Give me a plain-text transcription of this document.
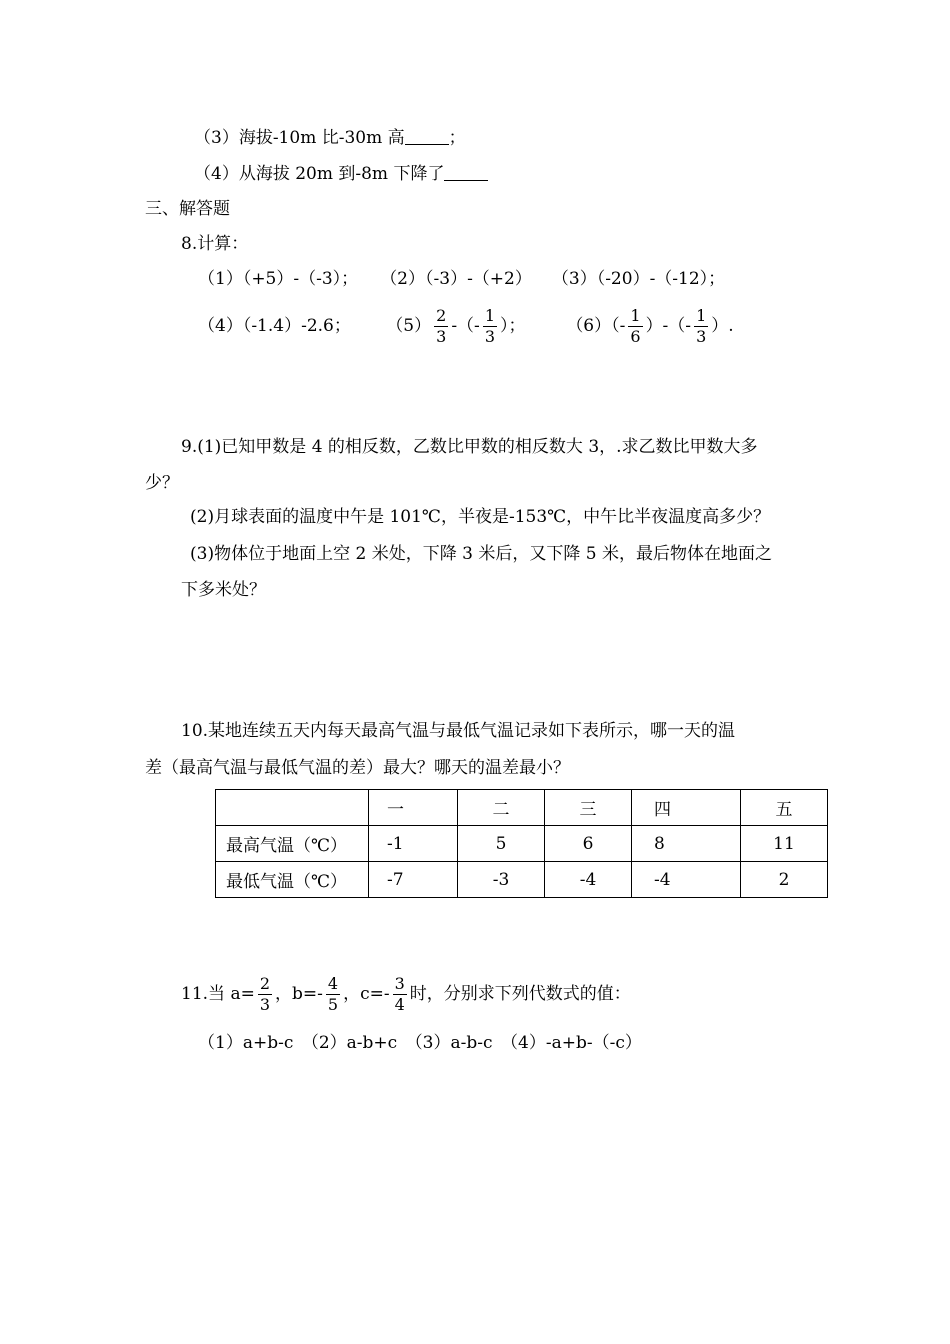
（3）海拔-10m 比-30m 高	；
（4）从海拔 20m 到-8m 下降了
三、解答题
8.计算：
（1）（+5）-（-3）； （2）（-3）-（+2） （3）（-20）-（-12）；
（4）（-1.4）-2.6； $(5) \frac{2}{3}$ -（- $\frac{1}{3}$ ）； $(6)(- \frac{1}{6}$ ）-（- $\frac{1}{3}$ ）.
9.(1)已知甲数是 4 的相反数，乙数比甲数的相反数大 3，.求乙数比甲数大多
少？
(2)月球表面的温度中午是 101℃，半夜是-153℃，中午比半夜温度高多少？
(3)物体位于地面上空 2 米处，下降 3 米后，又下降 5 米，最后物体在地面之
下多米处？
10.某地连续五天内每天最高气温与最低气温记录如下表所示，哪一天的温
差（最高气温与最低气温的差）最大？哪天的温差最小？
	一	二	三	四	五
最高气温（℃）	-1	5	6	8	11
最低气温（℃）	-7	-3	-4	-4	2
11.当 $a= \frac{2}{3}$ ，$b=- \frac{4}{5}$ ，$c=- \frac{3}{4}$ 时，分别求下列代数式的值：
（1）a+b-c　（2）a-b+c　（3）a-b-c　（4）-a+b-（-c）
